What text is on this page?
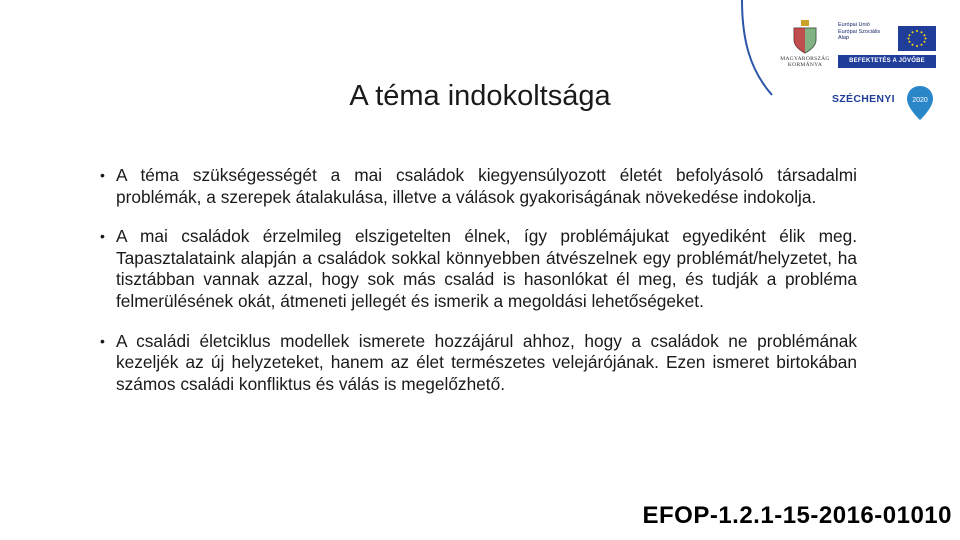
MAGYARORSZÁG KORMÁNYA
Európai Unió
Európai Szociális
Alap
BEFEKTETÉS A JÖVŐBE
SZÉCHENYI 2020
A téma indokoltsága
• A téma szükségességét a mai családok kiegyensúlyozott életét befolyásoló társadalmi problémák, a szerepek átalakulása, illetve a válások gyakoriságának növekedése indokolja.
• A mai családok érzelmileg elszigetelten élnek, így problémájukat egyediként élik meg. Tapasztalataink alapján a családok sokkal könnyebben átvészelnek egy problémát/helyzetet, ha tisztábban vannak azzal, hogy sok más család is hasonlókat él meg, és tudják a probléma felmerülésének okát, átmeneti jellegét és ismerik a megoldási lehetőségeket.
• A családi életciklus modellek ismerete hozzájárul ahhoz, hogy a családok ne problémának kezeljék az új helyzeteket, hanem az élet természetes velejárójának. Ezen ismeret birtokában számos családi konfliktus és válás is megelőzhető.
EFOP-1.2.1-15-2016-01010
